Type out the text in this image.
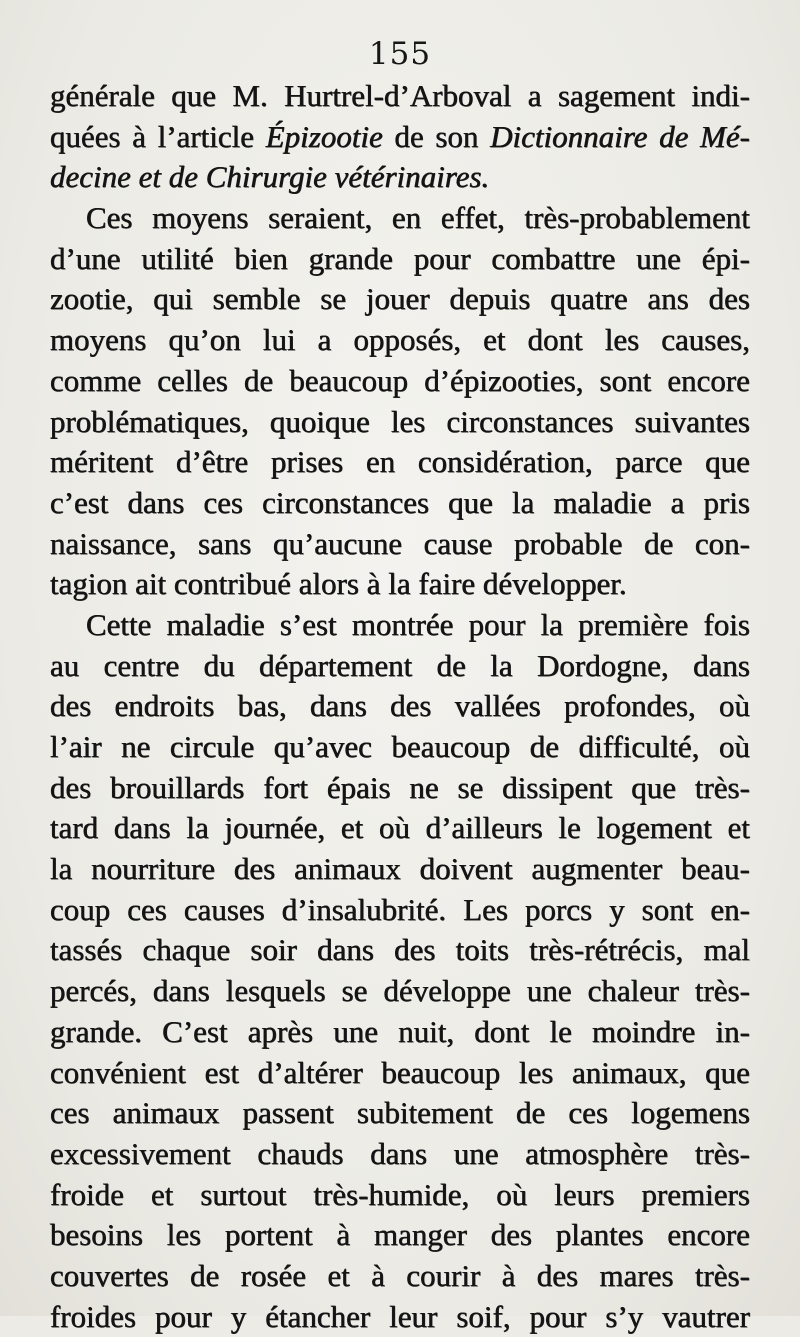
155
générale que M. Hurtrel-d’Arboval a sagement indi-
quées à l’article Épizootie de son Dictionnaire de Mé-
decine et de Chirurgie vétérinaires.
Ces moyens seraient, en effet, très-probablement
d’une utilité bien grande pour combattre une épi-
zootie, qui semble se jouer depuis quatre ans des
moyens qu’on lui a opposés, et dont les causes,
comme celles de beaucoup d’épizooties, sont encore
problématiques, quoique les circonstances suivantes
méritent d’être prises en considération, parce que
c’est dans ces circonstances que la maladie a pris
naissance, sans qu’aucune cause probable de con-
tagion ait contribué alors à la faire développer.
Cette maladie s’est montrée pour la première fois
au centre du département de la Dordogne, dans
des endroits bas, dans des vallées profondes, où
l’air ne circule qu’avec beaucoup de difficulté, où
des brouillards fort épais ne se dissipent que très-
tard dans la journée, et où d’ailleurs le logement et
la nourriture des animaux doivent augmenter beau-
coup ces causes d’insalubrité. Les porcs y sont en-
tassés chaque soir dans des toits très-rétrécis, mal
percés, dans lesquels se développe une chaleur très-
grande. C’est après une nuit, dont le moindre in-
convénient est d’altérer beaucoup les animaux, que
ces animaux passent subitement de ces logemens
excessivement chauds dans une atmosphère très-
froide et surtout très-humide, où leurs premiers
besoins les portent à manger des plantes encore
couvertes de rosée et à courir à des mares très-
froides pour y étancher leur soif, pour s’y vautrer
